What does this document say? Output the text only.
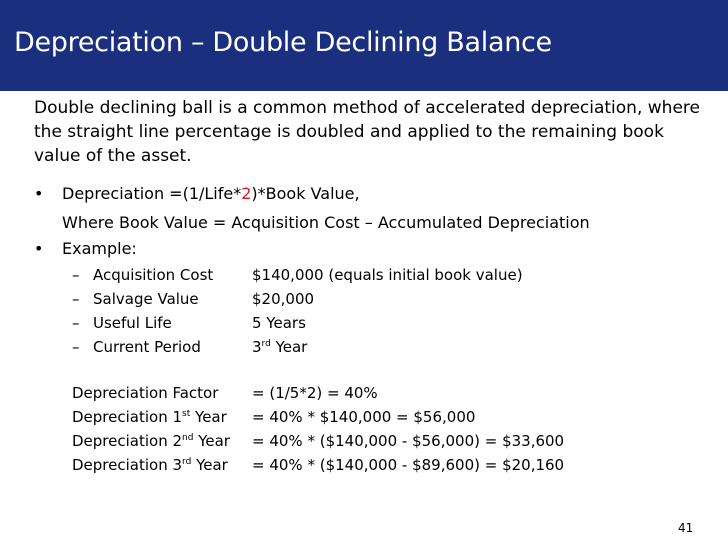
Depreciation – Double Declining Balance
Double declining ball is a common method of accelerated depreciation, where the straight line percentage is doubled and applied to the remaining book value of the asset.
• Depreciation =(1/Life*2)*Book Value,
Where Book Value = Acquisition Cost – Accumulated Depreciation
• Example:
– Acquisition Cost	$140,000 (equals initial book value)
– Salvage Value	$20,000
– Useful Life	5 Years
– Current Period	3rd Year
Depreciation Factor = (1/5*2) = 40%
Depreciation 1st Year = 40% * $140,000 = $56,000
Depreciation 2nd Year = 40% * ($140,000 - $56,000) = $33,600
Depreciation 3rd Year = 40% * ($140,000 - $89,600) = $20,160
41
